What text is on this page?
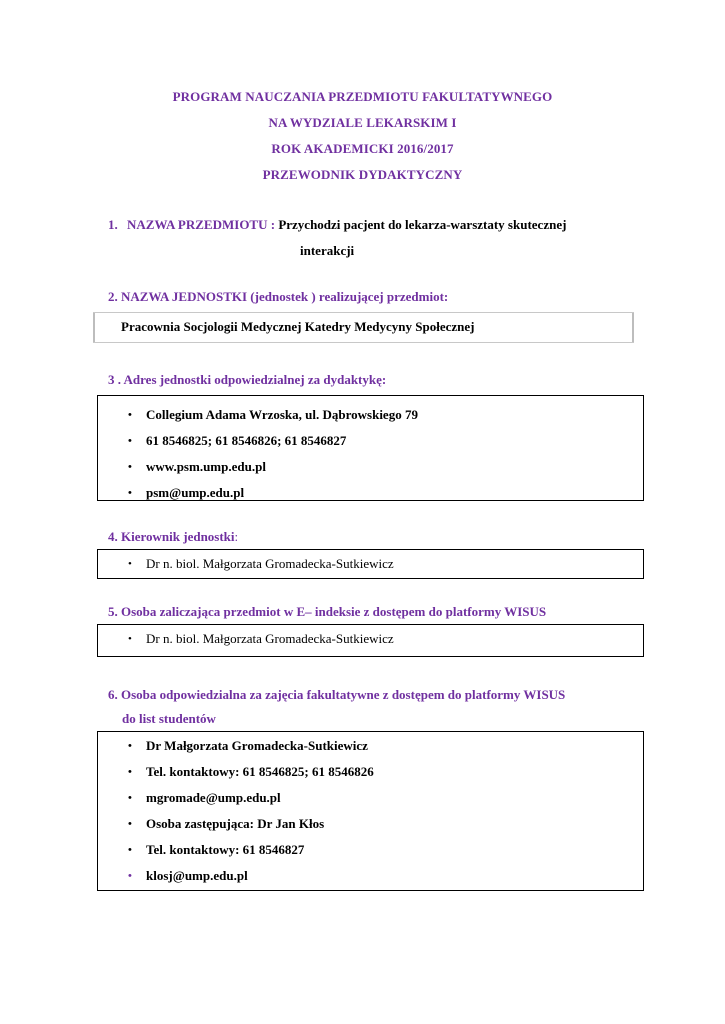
PROGRAM NAUCZANIA PRZEDMIOTU FAKULTATYWNEGO
NA WYDZIALE LEKARSKIM I
ROK AKADEMICKI 2016/2017
PRZEWODNIK DYDAKTYCZNY
1. NAZWA PRZEDMIOTU : Przychodzi pacjent do lekarza-warsztaty skutecznej
interakcji
2. NAZWA JEDNOSTKI (jednostek ) realizującej przedmiot:
Pracownia Socjologii Medycznej Katedry Medycyny Społecznej
3 . Adres jednostki odpowiedzialnej za dydaktykę:
• Collegium Adama Wrzoska, ul. Dąbrowskiego 79
• 61 8546825; 61 8546826; 61 8546827
• www.psm.ump.edu.pl
• psm@ump.edu.pl
4. Kierownik jednostki:
• Dr n. biol. Małgorzata Gromadecka-Sutkiewicz
5. Osoba zaliczająca przedmiot w E– indeksie z dostępem do platformy WISUS
• Dr n. biol. Małgorzata Gromadecka-Sutkiewicz
6. Osoba odpowiedzialna za zajęcia fakultatywne z dostępem do platformy WISUS
do list studentów
• Dr Małgorzata Gromadecka-Sutkiewicz
• Tel. kontaktowy: 61 8546825; 61 8546826
• mgromade@ump.edu.pl
• Osoba zastępująca: Dr Jan Kłos
• Tel. kontaktowy: 61 8546827
• klosj@ump.edu.pl
